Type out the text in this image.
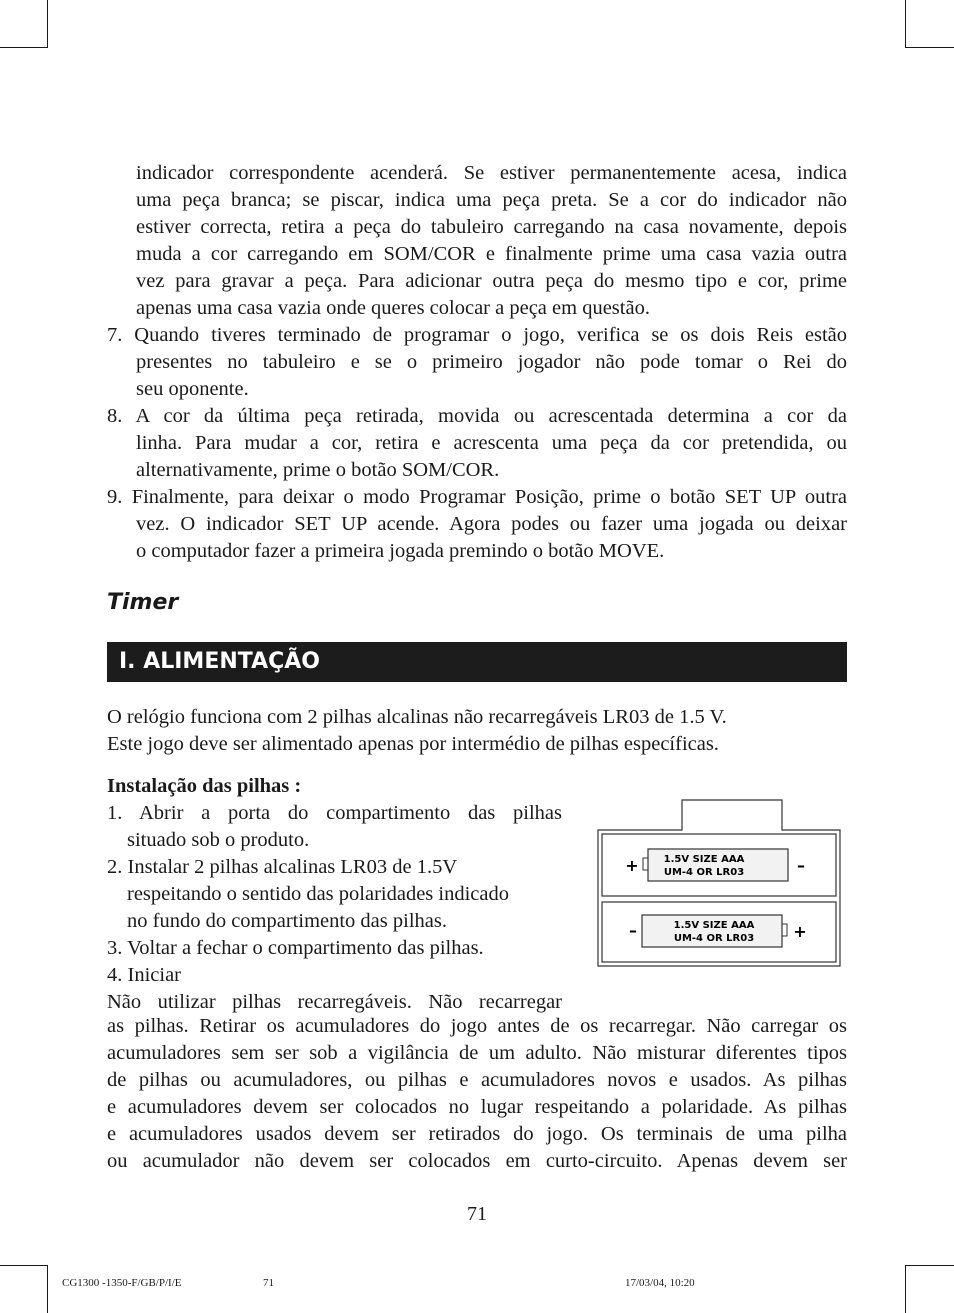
indicador correspondente acenderá. Se estiver permanentemente acesa, indica
uma peça branca; se piscar, indica uma peça preta. Se a cor do indicador não
estiver correcta, retira a peça do tabuleiro carregando na casa novamente, depois
muda a cor carregando em SOM/COR e finalmente prime uma casa vazia outra
vez para gravar a peça. Para adicionar outra peça do mesmo tipo e cor, prime
apenas uma casa vazia onde queres colocar a peça em questão.
7. Quando tiveres terminado de programar o jogo, verifica se os dois Reis estão
presentes no tabuleiro e se o primeiro jogador não pode tomar o Rei do
seu oponente.
8. A cor da última peça retirada, movida ou acrescentada determina a cor da
linha. Para mudar a cor, retira e acrescenta uma peça da cor pretendida, ou
alternativamente, prime o botão SOM/COR.
9. Finalmente, para deixar o modo Programar Posição, prime o botão SET UP outra
vez. O indicador SET UP acende. Agora podes ou fazer uma jogada ou deixar
o computador fazer a primeira jogada premindo o botão MOVE.
Timer
I. ALIMENTAÇÃO
O relógio funciona com 2 pilhas alcalinas não recarregáveis LR03 de 1.5 V.
Este jogo deve ser alimentado apenas por intermédio de pilhas específicas.
Instalação das pilhas :
1. Abrir a porta do compartimento das pilhas
situado sob o produto.
2. Instalar 2 pilhas alcalinas LR03 de 1.5V
respeitando o sentido das polaridades indicado
no fundo do compartimento das pilhas.
3. Voltar a fechar o compartimento das pilhas.
4. Iniciar
Não utilizar pilhas recarregáveis. Não recarregar
as pilhas. Retirar os acumuladores do jogo antes de os recarregar. Não carregar os
acumuladores sem ser sob a vigilância de um adulto. Não misturar diferentes tipos
de pilhas ou acumuladores, ou pilhas e acumuladores novos e usados. As pilhas
e acumuladores devem ser colocados no lugar respeitando a polaridade. As pilhas
e acumuladores usados devem ser retirados do jogo. Os terminais de uma pilha
ou acumulador não devem ser colocados em curto-circuito. Apenas devem ser
1.5V SIZE AAA
UM-4 OR LR03
+	–
1.5V SIZE AAA
UM-4 OR LR03
–	+
71
CG1300 -1350-F/GB/P/I/E	71	17/03/04, 10:20
